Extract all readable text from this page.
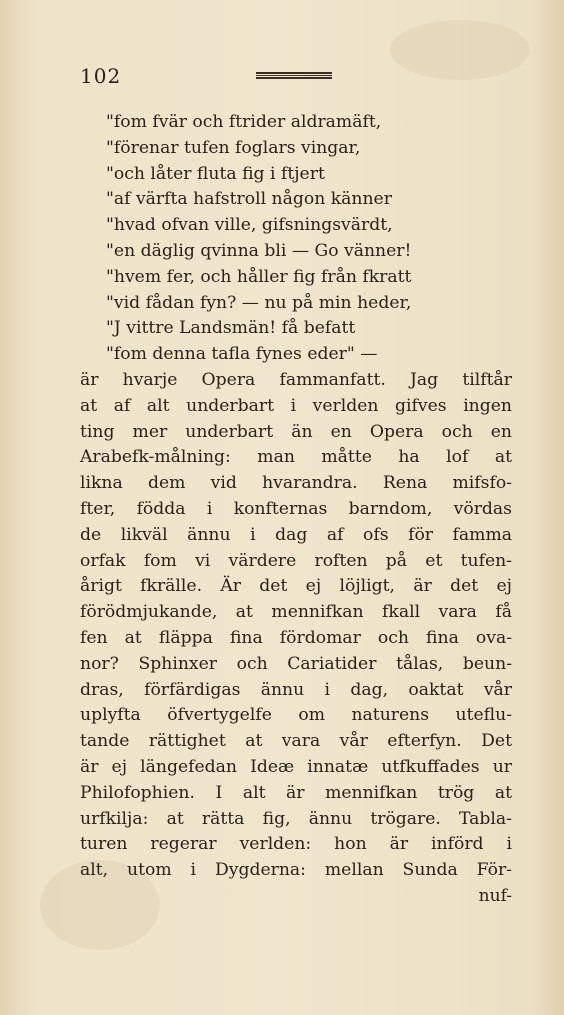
102
"fom fvär och ftrider aldramäft,
"förenar tufen foglars vingar,
"och låter fluta fig i ftjert
"af värfta hafstroll någon känner
"hvad ofvan ville, gifsningsvärdt,
"en däglig qvinna bli — Go vänner!
"hvem fer, och håller fig från fkratt
"vid fådan fyn? — nu på min heder,
"J vittre Landsmän! få befatt
"fom denna tafla fynes eder" —
är hvarje Opera fammanfatt. Jag tilftår
at af alt underbart i verlden gifves ingen
ting mer underbart än en Opera och en
Arabefk-målning: man måtte ha lof at
likna dem vid hvarandra. Rena mifsfo-
fter, födda i konfternas barndom, vördas
de likväl ännu i dag af ofs för famma
orfak fom vi värdere roften på et tufen-
årigt fkrälle. Är det ej löjligt, är det ej
förödmjukande, at mennifkan fkall vara få
fen at fläppa fina fördomar och fina ova-
nor? Sphinxer och Cariatider tålas, beun-
dras, förfärdigas ännu i dag, oaktat vår
uplyfta öfvertygelfe om naturens uteflu-
tande rättighet at vara vår efterfyn. Det
är ej längefedan Ideæ innatæ utfkuffades ur
Philofophien. I alt är mennifkan trög at
urfkilja: at rätta fig, ännu trögare. Tabla-
turen regerar verlden: hon är införd i
alt, utom i Dygderna: mellan Sunda För-
nuf-
